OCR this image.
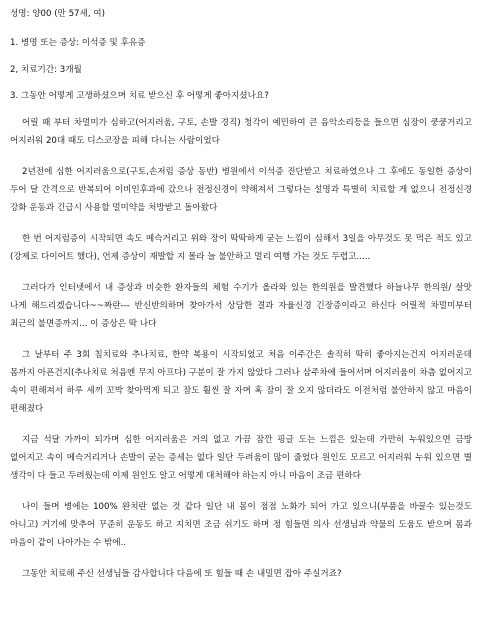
성명: 양00 (만 57세, 여)
1. 병명 또는 증상: 이석증 및 후유증
2, 치료기간: 3개월
3. 그동안 어떻게 고생하셨으며 치료 받으신 후 어떻게 좋아지셨나요?

어릴 때 부터 차멀미가 심하고(어지러움, 구토, 손발 경직) 청각이 예민하여 큰 음악소리등을 들으면 심장이 쿵쿵거리고 어지러워 20대 때도 디스코장을 피해 다니는 사람이었다

2년전에 심한 어지러움으로(구토,손저림 증상 동반) 병원에서 이석증 진단받고 치료하였으나 그 후에도 동일한 증상이 두어 달 간격으로 반복되어 이비인후과에 갔으나 전정신경이 약해져서 그렇다는 설명과 특별히 치료할 게 없으니 전정신경 강화 운동과 긴급시 사용할 멀미약을 처방받고 돌아왔다

한 번 어지럼증이 시작되면 속도 메슥거리고 위와 장이 딱딱하게 굳는 느낌이 심해서 3일을 아무것도 못 먹은 적도 있고(강제로 다이어트 했다), 언제 증상이 재발할 지 몰라 늘 불안하고 멀리 여행 가는 것도 두렵고.....

그러다가 인터넷에서 내 증상과 비슷한 환자들의 체험 수기가 올라와 있는 한의원을 발견했다 하늘나무 한의원/ 살맛 나게 해드리겠습니다~~짜란--- 반신반의하며 찾아가서 상담한 결과 자율신경 긴장증이라고 하신다 어릴적 차멀미부터 최근의 불면증까지... 이 증상은 딱 나다

그 날부터 주 3회 침치료와 추나치료, 한약 복용이 시작되었고 처음 이주간은 솔직히 딱히 좋아지는건지 어지러운데 몸까지 아픈건지(추나치료 처음엔 무지 아프다) 구분이 잘 가지 않았다 그러나 삼주차에 들어서며 어지러움이 차츰 없어지고 속이 편해져서 하루 세끼 꼬박 찾아먹게 되고 잠도 훨씬 잘 자며 혹 잠이 잘 오지 않더라도 이전처럼 불안하지 않고 마음이 편해졌다

지금 석달 가까이 되가며 심한 어지러움은 거의 없고 가끔 잠깐 핑글 도는 느낌은 있는데 가만히 누워있으면 금방 없어지고 속이 메슥거리거나 손발이 굳는 증세는 없다 일단 두려움이 많이 줄었다 원인도 모르고 어지러워 누워 있으면 별 생각이 다 들고 두려웠는데 이제 원인도 알고 어떻게 대처해야 하는지 아니 마음이 조금 편하다

나이 들며 병에는 100% 완치란 없는 것 같다 일단 내 몸이 점점 노화가 되어 가고 있으니(부품을 바꿀수 있는것도 아니고) 거기에 맞추어 꾸준히 운동도 하고 지치면 조금 쉬기도 하며 정 힘들면 의사 선생님과 약물의 도움도 받으며 몸과 마음이 같이 나아가는 수 밖에..

그동안 치료해 주신 선생님들 감사합니다 다음에 또 힘들 때 손 내밀면 잡아 주실거죠?
